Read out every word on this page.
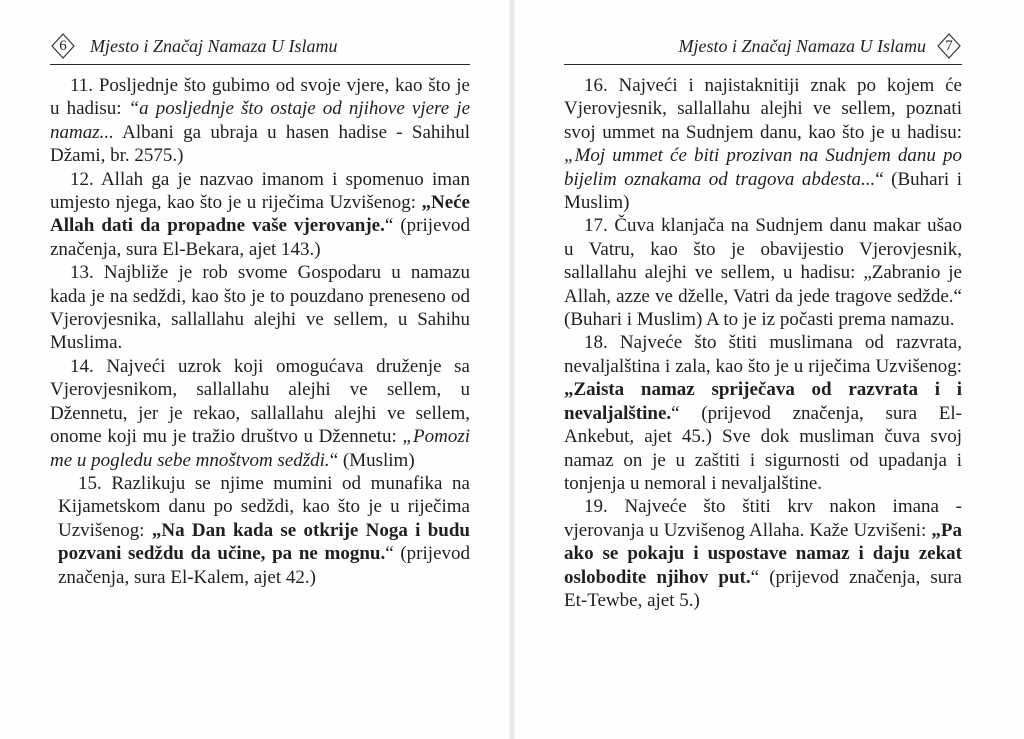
6 Mjesto i Značaj Namaza U Islamu

11. Posljednje što gubimo od svoje vjere, kao što je u hadisu: “a posljednje što ostaje od njihove vjere je namaz... Albani ga ubraja u hasen hadise - Sahihul Džami, br. 2575.)

12. Allah ga je nazvao imanom i spomenuo iman umjesto njega, kao što je u riječima Uzvišenog: „Neće Allah dati da propadne vaše vjerovanje.“ (prijevod značenja, sura El-Bekara, ajet 143.)

13. Najbliže je rob svome Gospodaru u namazu kada je na sedždi, kao što je to pouzdano preneseno od Vjerovjesnika, sallallahu alejhi ve sellem, u Sahihu Muslima.

14. Najveći uzrok koji omogućava druženje sa Vjerovjesnikom, sallallahu alejhi ve sellem, u Džennetu, jer je rekao, sallallahu alejhi ve sellem, onome koji mu je tražio društvo u Džennetu: „Pomozi me u pogledu sebe mnoštvom sedždi.“ (Muslim)

15. Razlikuju se njime mumini od munafika na Kijametskom danu po sedždi, kao što je u riječima Uzvišenog: „Na Dan kada se otkrije Noga i budu pozvani sedždu da učine, pa ne mognu.“ (prijevod značenja, sura El-Kalem, ajet 42.)

Mjesto i Značaj Namaza U Islamu 7

16. Najveći i najistaknitiji znak po kojem će Vjerovjesnik, sallallahu alejhi ve sellem, poznati svoj ummet na Sudnjem danu, kao što je u hadisu: „Moj ummet će biti prozivan na Sudnjem danu po bijelim oznakama od tragova abdesta...“ (Buhari i Muslim)

17. Čuva klanjača na Sudnjem danu makar ušao u Vatru, kao što je obavijestio Vjerovjesnik, sallallahu alejhi ve sellem, u hadisu: „Zabranio je Allah, azze ve dželle, Vatri da jede tragove sedžde.“ (Buhari i Muslim) A to je iz počasti prema namazu.

18. Najveće što štiti muslimana od razvrata, nevaljalština i zala, kao što je u riječima Uzvišenog: „Zaista namaz spriječava od razvrata i i nevaljalštine.“ (prijevod značenja, sura El-Ankebut, ajet 45.) Sve dok musliman čuva svoj namaz on je u zaštiti i sigurnosti od upadanja i tonjenja u nemoral i nevaljalštine.

19. Najveće što štiti krv nakon imana - vjerovanja u Uzvišenog Allaha. Kaže Uzvišeni: „Pa ako se pokaju i uspostave namaz i daju zekat oslobodite njihov put.“ (prijevod značenja, sura Et-Tewbe, ajet 5.)
